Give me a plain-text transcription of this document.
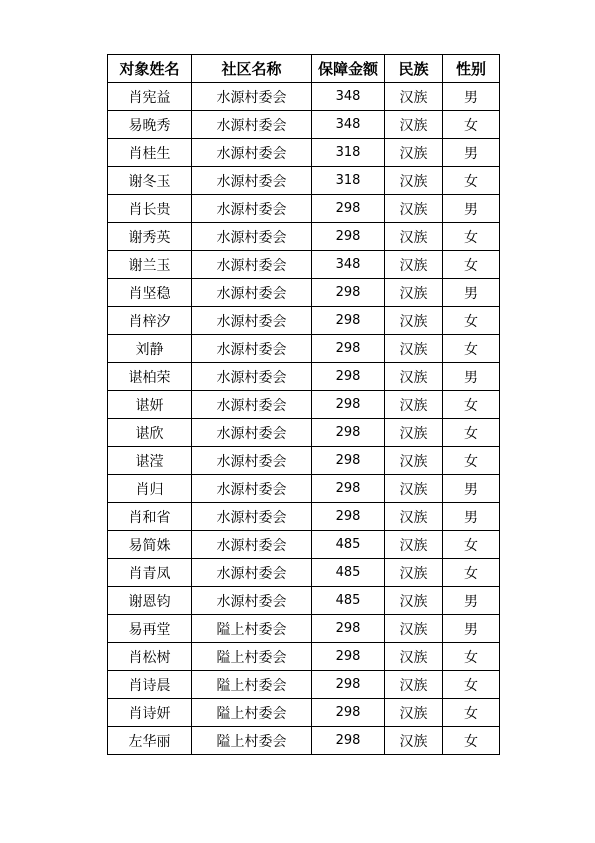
对象姓名	社区名称	保障金额	民族	性别
肖宪益	水源村委会	348	汉族	男
易晚秀	水源村委会	348	汉族	女
肖桂生	水源村委会	318	汉族	男
谢冬玉	水源村委会	318	汉族	女
肖长贵	水源村委会	298	汉族	男
谢秀英	水源村委会	298	汉族	女
谢兰玉	水源村委会	348	汉族	女
肖坚稳	水源村委会	298	汉族	男
肖梓汐	水源村委会	298	汉族	女
刘静	水源村委会	298	汉族	女
谌柏荣	水源村委会	298	汉族	男
谌妍	水源村委会	298	汉族	女
谌欣	水源村委会	298	汉族	女
谌滢	水源村委会	298	汉族	女
肖归	水源村委会	298	汉族	男
肖和省	水源村委会	298	汉族	男
易简姝	水源村委会	485	汉族	女
肖青凤	水源村委会	485	汉族	女
谢恩钧	水源村委会	485	汉族	男
易再堂	隘上村委会	298	汉族	男
肖松树	隘上村委会	298	汉族	女
肖诗晨	隘上村委会	298	汉族	女
肖诗妍	隘上村委会	298	汉族	女
左华丽	隘上村委会	298	汉族	女
